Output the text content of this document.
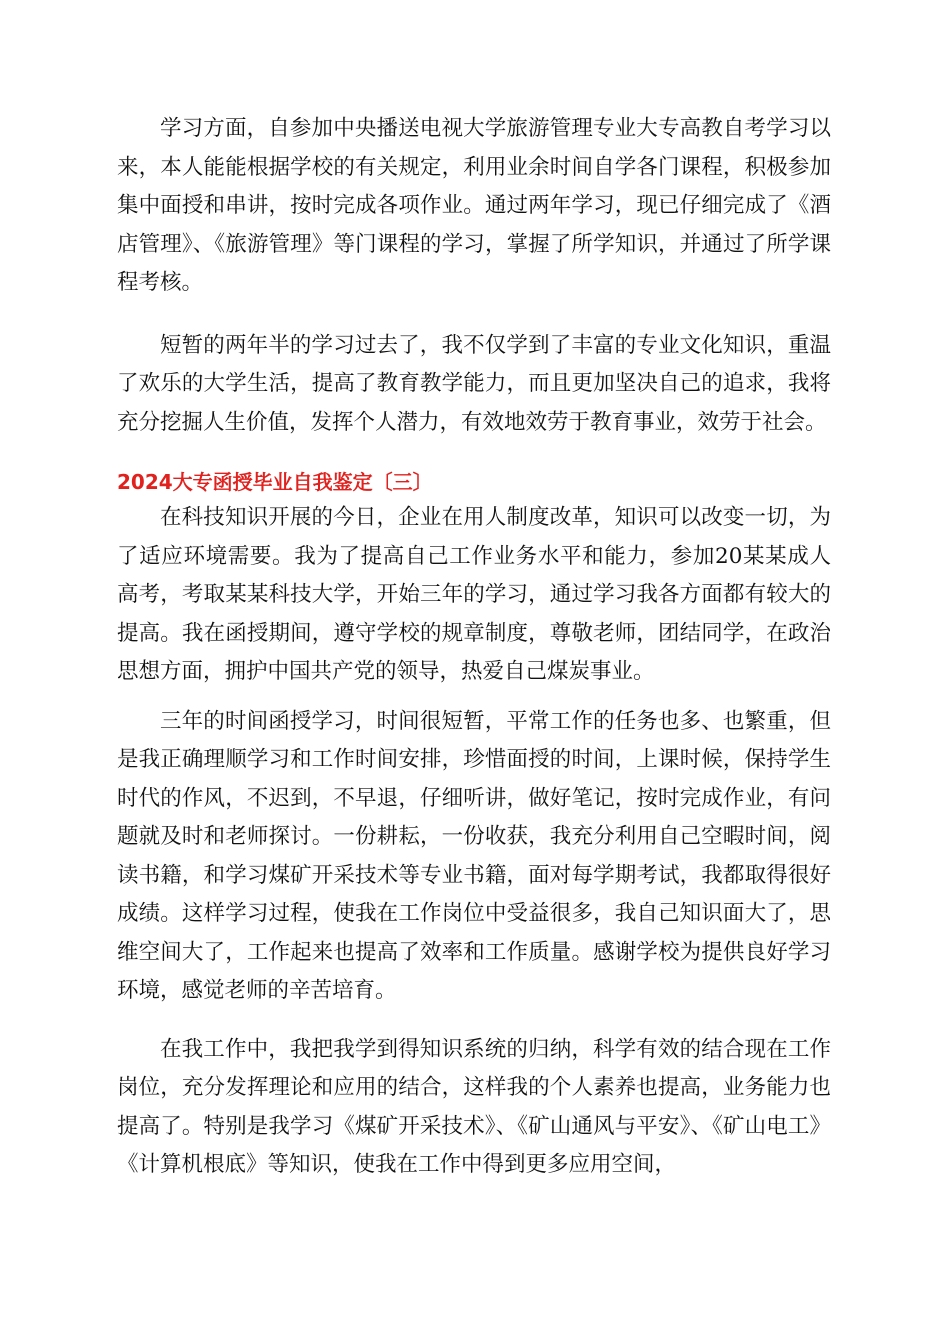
学习方面，自参加中央播送电视大学旅游管理专业大专高教自考学习以来，本人能能根据学校的有关规定，利用业余时间自学各门课程，积极参加集中面授和串讲，按时完成各项作业。通过两年学习，现已仔细完成了《酒店管理》、《旅游管理》等门课程的学习，掌握了所学知识，并通过了所学课程考核。

短暂的两年半的学习过去了，我不仅学到了丰富的专业文化知识，重温了欢乐的大学生活，提高了教育教学能力，而且更加坚决自己的追求，我将充分挖掘人生价值，发挥个人潜力，有效地效劳于教育事业，效劳于社会。

2024大专函授毕业自我鉴定〔三〕

在科技知识开展的今日，企业在用人制度改革，知识可以改变一切，为了适应环境需要。我为了提高自己工作业务水平和能力，参加20某某成人高考，考取某某科技大学，开始三年的学习，通过学习我各方面都有较大的提高。我在函授期间，遵守学校的规章制度，尊敬老师，团结同学，在政治思想方面，拥护中国共产党的领导，热爱自己煤炭事业。

三年的时间函授学习，时间很短暂，平常工作的任务也多、也繁重，但是我正确理顺学习和工作时间安排，珍惜面授的时间，上课时候，保持学生时代的作风，不迟到，不早退，仔细听讲，做好笔记，按时完成作业，有问题就及时和老师探讨。一份耕耘，一份收获，我充分利用自己空暇时间，阅读书籍，和学习煤矿开采技术等专业书籍，面对每学期考试，我都取得很好成绩。这样学习过程，使我在工作岗位中受益很多，我自己知识面大了，思维空间大了，工作起来也提高了效率和工作质量。感谢学校为提供良好学习环境，感觉老师的辛苦培育。

在我工作中，我把我学到得知识系统的归纳，科学有效的结合现在工作岗位，充分发挥理论和应用的结合，这样我的个人素养也提高，业务能力也提高了。特别是我学习《煤矿开采技术》、《矿山通风与平安》、《矿山电工》《计算机根底》等知识，使我在工作中得到更多应用空间，
